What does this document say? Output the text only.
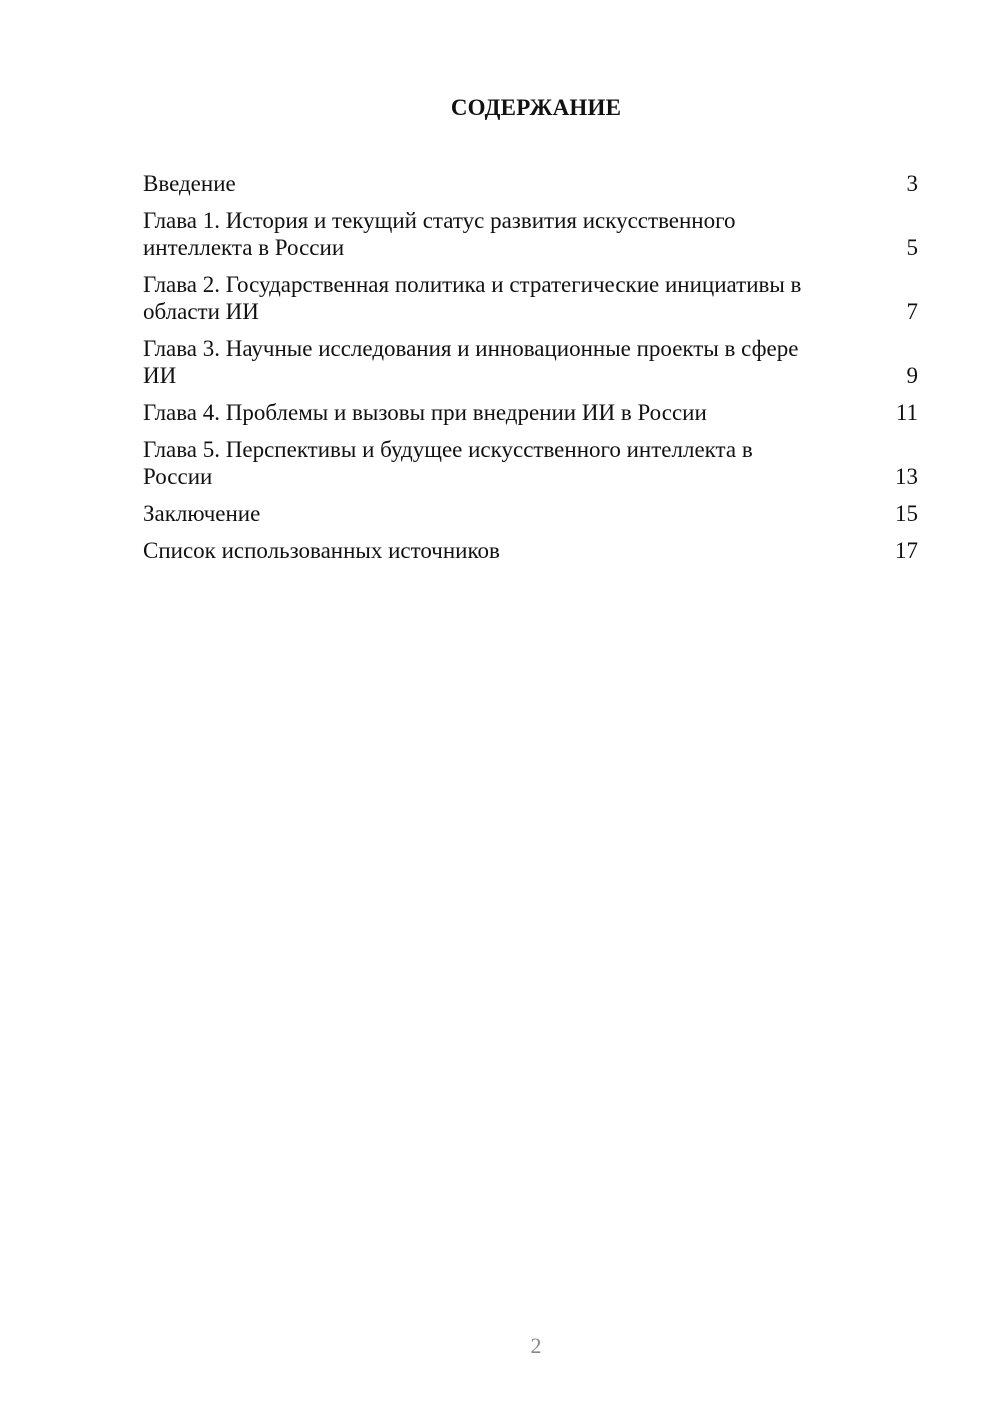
СОДЕРЖАНИЕ
Введение	3
Глава 1. История и текущий статус развития искусственного интеллекта в России	5
Глава 2. Государственная политика и стратегические инициативы в области ИИ	7
Глава 3. Научные исследования и инновационные проекты в сфере ИИ	9
Глава 4. Проблемы и вызовы при внедрении ИИ в России	11
Глава 5. Перспективы и будущее искусственного интеллекта в России	13
Заключение	15
Список использованных источников	17
2
